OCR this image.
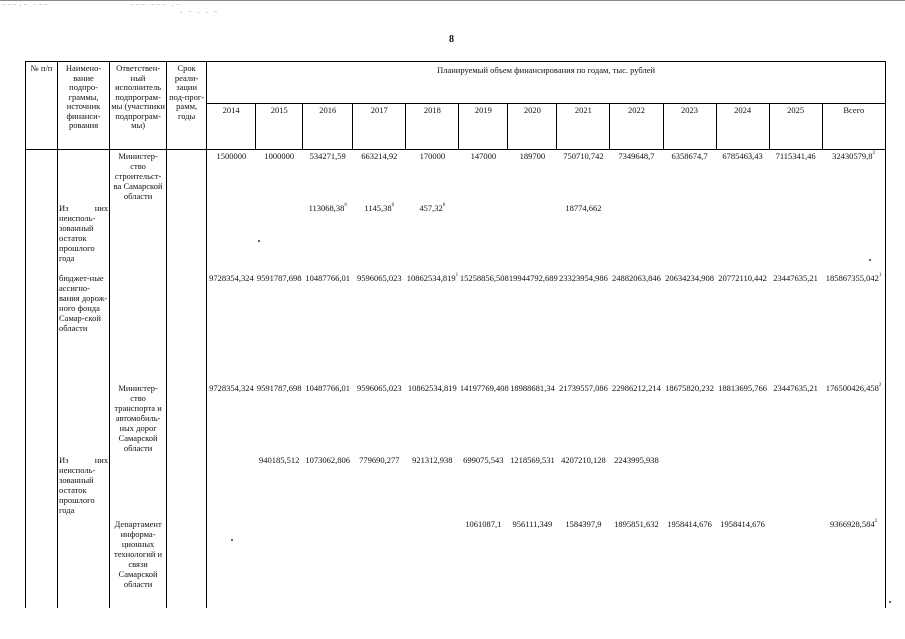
⁻⁻⁻·⁻ ⁻⁻⁻	⁻⁻⁻ ⁻⁻⁻ ·⁻
· ⁻ · · ⁻
8
№ п/п	Наимено-вание подпро-граммы, источник финанси-рования	Ответствен-ный исполнитель подпрограм-мы (участники подпрограм-мы)	Срок реали-зации под-прог-рамм, годы	Планируемый объем финансирования по годам, тыс. рублей												
				2014	2015	2016	2017	2018	2019	2020	2021	2022	2023	2024	2025	Всего
		Министер-ство строительст-ва Самарской области		1500000	1000000	534271,59	663214,92	170000	147000	189700	750710,742	7349648,7	6358674,7	6785463,43	7115341,46	32430579,8$^2$
	Из них неисполь-зованный остаток прошлого года					113068,38$^6$	1145,38$^6$	457,32$^6$			18774,662					
	бюджет-ные ассигно-вания дорож-ного фонда Самар-ской области			9728354,324	9591787,698	10487766,01	9596065,023	10862534,819$^1$	15258856,508	19944792,689	23323954,986	24882063,846	20634234,908	20772110,442	23447635,21	185867355,042$^1$
		Министер-ство транспорта и автомобиль-ных дорог Самарской области		9728354,324	9591787,698	10487766,01	9596065,023	10862534,819	14197769,408	18988681,34	21739557,086	22986212,214	18675820,232	18813695,766	23447635,21	176500426,458$^2$
	Из них неисполь-зованный остаток прошлого года				940185,512	1073062,806	779690,277	921312,938	699075,543	1218569,531	4207210,128	2243995,938				
		Департамент информа-ционных технологий и связи Самарской области							1061087,1	956111,349	1584397,9	1895851,632	1958414,676	1958414,676		9366928,584$^2$
